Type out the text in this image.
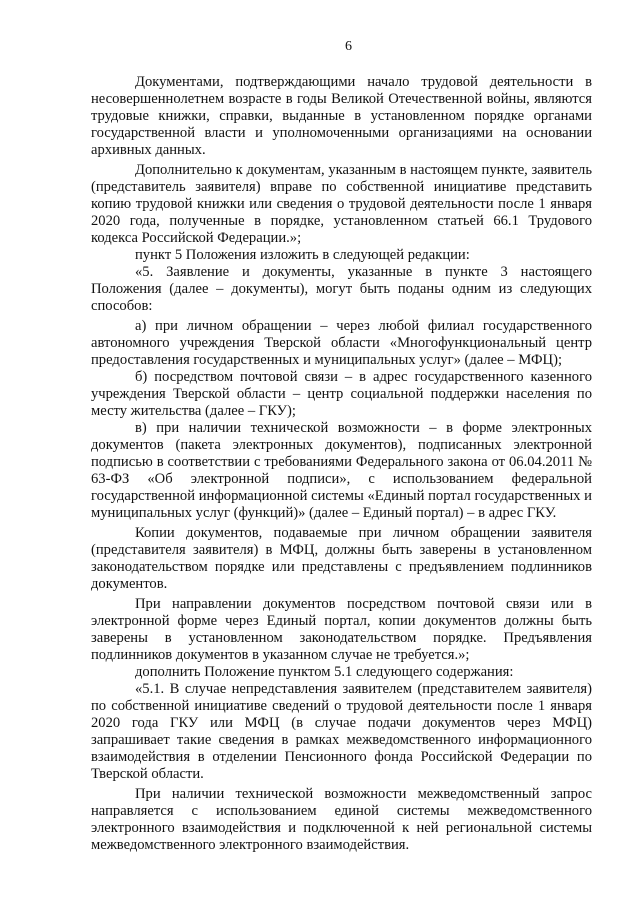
6

Документами, подтверждающими начало трудовой деятельности в несовершеннолетнем возрасте в годы Великой Отечественной войны, являются трудовые книжки, справки, выданные в установленном порядке органами государственной власти и уполномоченными организациями на основании архивных данных.

Дополнительно к документам, указанным в настоящем пункте, заявитель (представитель заявителя) вправе по собственной инициативе представить копию трудовой книжки или сведения о трудовой деятельности после 1 января 2020 года, полученные в порядке, установленном статьей 66.1 Трудового кодекса Российской Федерации.»;

пункт 5 Положения изложить в следующей редакции:

«5. Заявление и документы, указанные в пункте 3 настоящего Положения (далее – документы), могут быть поданы одним из следующих способов:

а) при личном обращении – через любой филиал государственного автономного учреждения Тверской области «Многофункциональный центр предоставления государственных и муниципальных услуг» (далее – МФЦ);

б) посредством почтовой связи – в адрес государственного казенного учреждения Тверской области – центр социальной поддержки населения по месту жительства (далее – ГКУ);

в) при наличии технической возможности – в форме электронных документов (пакета электронных документов), подписанных электронной подписью в соответствии с требованиями Федерального закона от 06.04.2011 № 63-ФЗ «Об электронной подписи», с использованием федеральной государственной информационной системы «Единый портал государственных и муниципальных услуг (функций)» (далее – Единый портал) – в адрес ГКУ.

Копии документов, подаваемые при личном обращении заявителя (представителя заявителя) в МФЦ, должны быть заверены в установленном законодательством порядке или представлены с предъявлением подлинников документов.

При направлении документов посредством почтовой связи или в электронной форме через Единый портал, копии документов должны быть заверены в установленном законодательством порядке. Предъявления подлинников документов в указанном случае не требуется.»;

дополнить Положение пунктом 5.1 следующего содержания:

«5.1. В случае непредставления заявителем (представителем заявителя) по собственной инициативе сведений о трудовой деятельности после 1 января 2020 года ГКУ или МФЦ (в случае подачи документов через МФЦ) запрашивает такие сведения в рамках межведомственного информационного взаимодействия в отделении Пенсионного фонда Российской Федерации по Тверской области.

При наличии технической возможности межведомственный запрос направляется с использованием единой системы межведомственного электронного взаимодействия и подключенной к ней региональной системы межведомственного электронного взаимодействия.
